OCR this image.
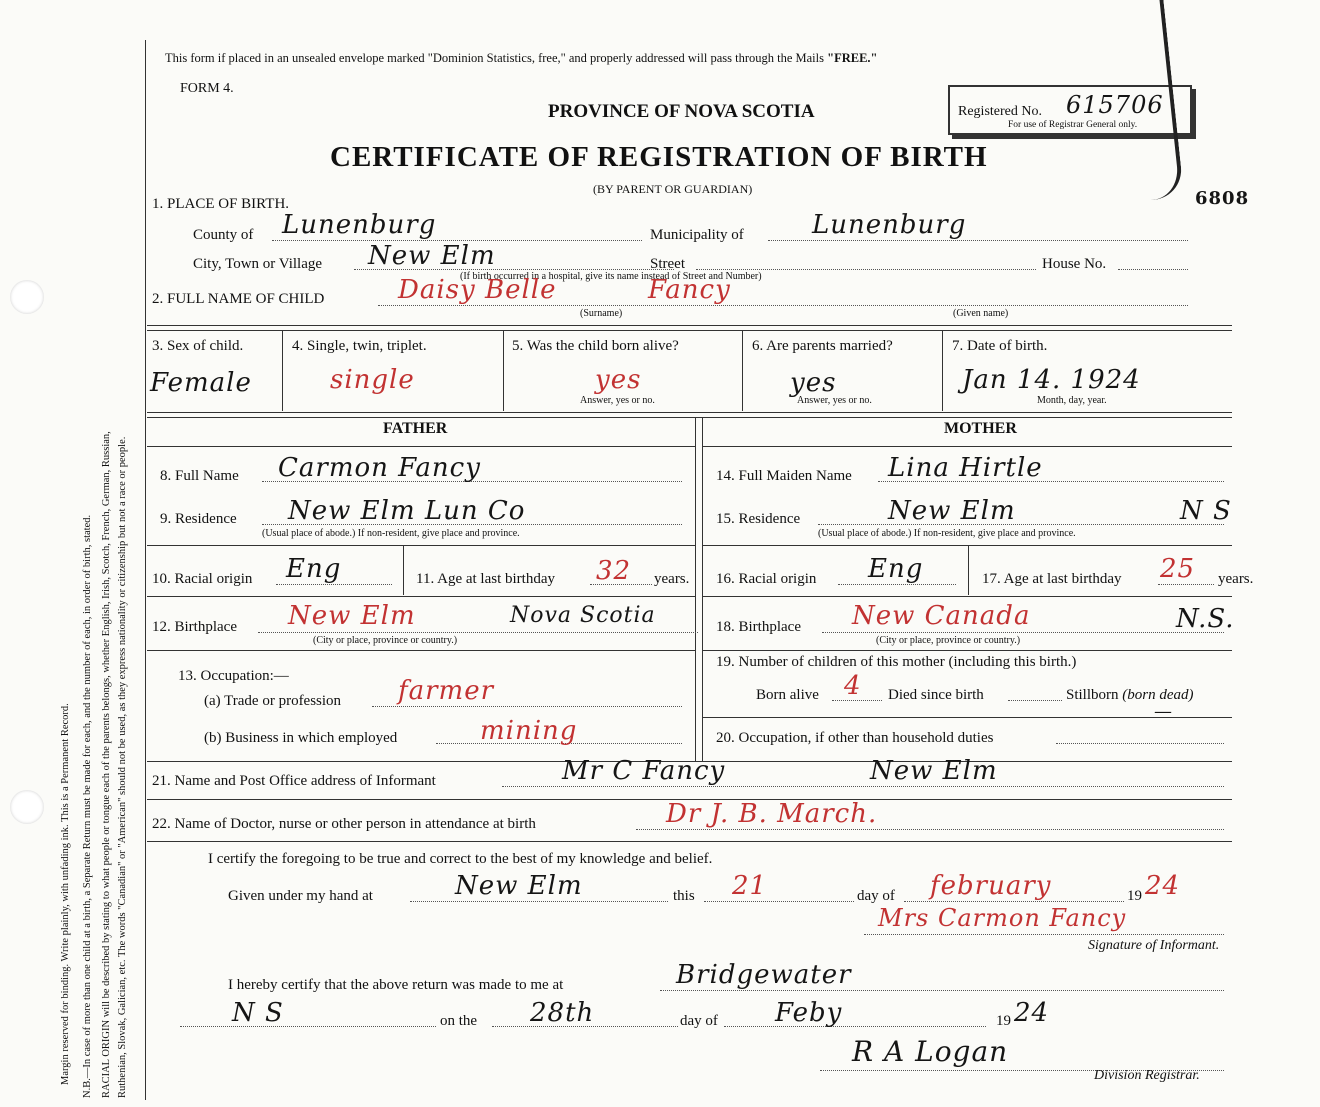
Margin reserved for binding. Write plainly, with unfading ink. This is a Permanent Record. N.B.—In case of more than one child at a birth, a Separate Return must be made for each, and the number of each, in order of birth, stated. RACIAL ORIGIN will be described by stating to what people or tongue each of the parents belongs, whether English, Irish, Scotch, French, German, Russian, Ruthenian, Slovak, Galician, etc. The words "Canadian" or "American" should not be used, as they express nationality or citizenship but not a race or people.
This form if placed in an unsealed envelope marked "Dominion Statistics, free," and properly addressed will pass through the Mails "FREE."
FORM 4.
PROVINCE OF NOVA SCOTIA
CERTIFICATE OF REGISTRATION OF BIRTH
(BY PARENT OR GUARDIAN)
Registered No. 615706
For use of Registrar General only.
6808
1. PLACE OF BIRTH.
County of Lunenburg	Municipality of	Lunenburg
City, Town or Village New Elm	Street	House No.
(If birth occurred in a hospital, give its name instead of Street and Number)
2. FULL NAME OF CHILD	Daisy Belle	Fancy
(Surname)	(Given name)
3. Sex of child.
Female
4. Single, twin, triplet.
single
5. Was the child born alive?
yes
Answer, yes or no.
6. Are parents married?
yes
Answer, yes or no.
7. Date of birth.
Jan 14. 1924
Month, day, year.
FATHER	MOTHER
8. Full Name Carmon Fancy
9. Residence New Elm Lun Co
(Usual place of abode.) If non-resident, give place and province.
10. Racial origin Eng	11. Age at last birthday 32 years.
12. Birthplace New Elm	Nova Scotia
(City or place, province or country.)
13. Occupation:—
(a) Trade or profession farmer
(b) Business in which employed	mining
14. Full Maiden Name Lina Hirtle
15. Residence	New Elm	N S
(Usual place of abode.) If non-resident, give place and province.
16. Racial origin Eng	17. Age at last birthday 25 years.
18. Birthplace New Canada	N.S.
(City or place, province or country.)
19. Number of children of this mother (including this birth.)
Born alive 4 Died since birth	Stillborn (born dead)
—
20. Occupation, if other than household duties
21. Name and Post Office address of Informant	Mr C Fancy	New Elm
22. Name of Doctor, nurse or other person in attendance at birth	Dr J. B. March.
I certify the foregoing to be true and correct to the best of my knowledge and belief.
Given under my hand at	New Elm	this 21	day of february	19 24
Mrs Carmon Fancy
Signature of Informant.
I hereby certify that the above return was made to me at	Bridgewater
N S	on the 28th	day of Feby	19 24
R A Logan
Division Registrar.
